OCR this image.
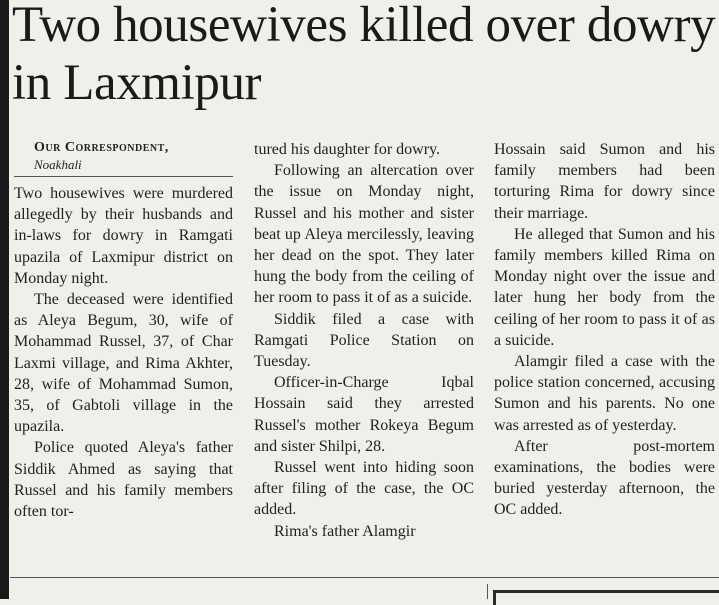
Two housewives killed over dowry in Laxmipur

Our Correspondent,

Noakhali

Two housewives were murdered allegedly by their husbands and in-laws for dowry in Ramgati upazila of Laxmipur district on Monday night.

The deceased were identified as Aleya Begum, 30, wife of Mohammad Russel, 37, of Char Laxmi village, and Rima Akhter, 28, wife of Mohammad Sumon, 35, of Gabtoli village in the upazila.

Police quoted Aleya's father Siddik Ahmed as saying that Russel and his family members often tor-

tured his daughter for dowry.

Following an altercation over the issue on Monday night, Russel and his mother and sister beat up Aleya mercilessly, leaving her dead on the spot. They later hung the body from the ceiling of her room to pass it of as a suicide.

Siddik filed a case with Ramgati Police Station on Tuesday.

Officer-in-Charge Iqbal Hossain said they arrested Russel's mother Rokeya Begum and sister Shilpi, 28.

Russel went into hiding soon after filing of the case, the OC added.

Rima's father Alamgir

Hossain said Sumon and his family members had been torturing Rima for dowry since their marriage.

He alleged that Sumon and his family members killed Rima on Monday night over the issue and later hung her body from the ceiling of her room to pass it of as a suicide.

Alamgir filed a case with the police station concerned, accusing Sumon and his parents. No one was arrested as of yesterday.

After post-mortem examinations, the bodies were buried yesterday afternoon, the OC added.
